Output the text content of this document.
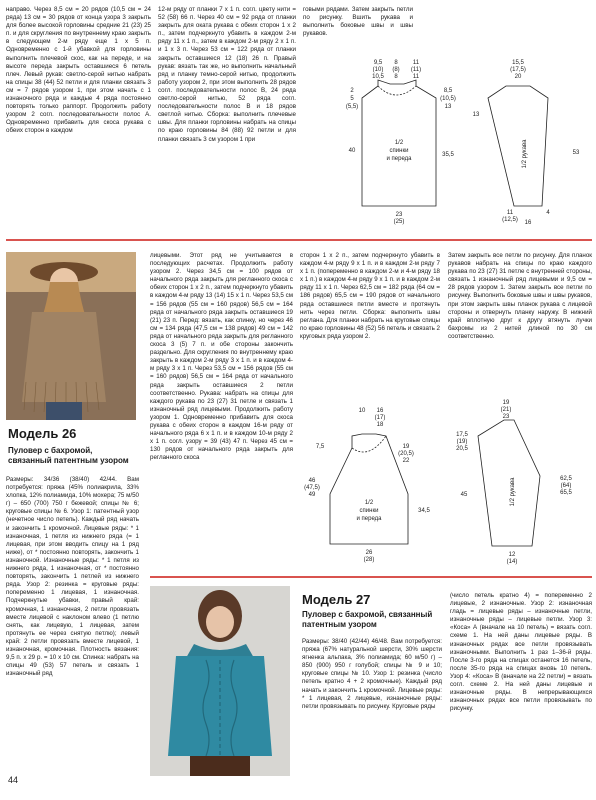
направо. Через 8,5 см = 20 рядов (10,5 см = 24 ряда) 13 см = 30 рядов от конца узора 3 закрыть для более высокой горловины средние 21 (23) 25 п. и для скругления по внутреннему краю закрыть в следующем 2-м ряду еще 1 х 5 п. Одновременно с 1-й убавкой для горловины выполнить плечевой скос, как на переде, и на высоте переда закрыть оставшиеся 6 петель плеч. Левый рукав: светло-серой нитью набрать на спицы 38 (44) 52 петли и для планки связать 3 см = 7 рядов узором 1, при этом начать с 1 изнаночного ряда и каждые 4 ряда постоянно повторять только раппорт. Продолжить работу узором 2 согл. последовательности полос А. Одновременно прибавить для скоса рукава с обеих сторон в каждом

12-м ряду от планки 7 х 1 п. согл. цвету нити = 52 (58) 66 п. Через 40 см = 92 ряда от планки закрыть для оката рукава с обеих сторон 1 х 2 п., затем подчеркнуто убавить в каждом 2-м ряду 11 х 1 п., затем в каждом 2-м ряду 2 х 1 п. и 1 х 3 п. Через 53 см = 122 ряда от планки закрыть оставшиеся 12 (18) 26 п. Правый рукав: вязать так же, но выполнить начальный ряд и планку темно-серой нитью, продолжить работу узором 2, при этом выполнить 28 рядов согл. последовательности полос В, 24 ряда светло-серой нитью, 52 ряда согл. последовательности полос В и 18 рядов светлой нитью. Сборка: выполнить плечевые швы. Для планки горловины набрать на спицы по краю горловины 84 (88) 92 петли и для планки связать 3 см узором 1 при

говыми рядами. Затем закрыть петли по рисунку. Вшить рукава и выполнить боковые швы и швы рукавов.

9,5
(10)
10,5
8
(8)
8
11
(11)
11
2
5
(5,5)
8,5
(10,5)
13
40
35,5
1/2
спинки
и переда
23
(25)
15,5
(17,5)
20
13
53
1/2 рукава
11
(12,5) 16
4
Модель 26
Пуловер с бахромой, связанный патентным узором

Размеры: 34/36 (38/40) 42/44. Вам потребуется: пряжа (45% полиакрила, 33% хлопка, 12% полиамида, 10% мохера; 75 м/50 г) – 650 (700) 750 г бежевой; спицы № 6; круговые спицы № 6. Узор 1: патентный узор (нечетное число петель). Каждый ряд начать и закончить 1 кромочной. Лицевые ряды: * 1 изнаночная, 1 петля из нижнего ряда (= 1 лицевая, при этом вводить спицу на 1 ряд ниже), от * постоянно повторять, закончить 1 изнаночной. Изнаночные ряды: * 1 петля из нижнего ряда, 1 изнаночная, от * постоянно повторять, закончить 1 петлей из нижнего ряда. Узор 2: резинка = круговые ряды: попеременно 1 лицевая, 1 изнаночная. Подчеркнутые убавки, правый край: кромочная, 1 изнаночная, 2 петли провязать вместе лицевой с наклоном влево (1 петлю снять, как лицевую, 1 лицевая, затем протянуть ее через снятую петлю); левый край: 2 петли провязать вместе лицевой, 1 изнаночная, кромочная. Плотность вязания: 9,5 п. х 29 р. = 10 х 10 см. Спинка: набрать на спицы 49 (53) 57 петель и связать 1 изнаночный ряд

лицевыми. Этот ряд не учитывается в последующих расчетах. Продолжить работу узором 2. Через 34,5 см = 100 рядов от начального ряда закрыть для регланного скоса с обеих сторон 1 х 2 п., затем подчеркнуто убавить в каждом 4-м ряду 13 (14) 15 х 1 п. Через 53,5 см = 156 рядов (55 см = 160 рядов) 56,5 см = 164 ряда от начального ряда закрыть оставшиеся 19 (21) 23 п. Перед: вязать, как спинку, но через 46 см = 134 ряда (47,5 см = 138 рядов) 49 см = 142 ряда от начального ряда закрыть для регланного скоса 3 (5) 7 п. и обе стороны закончить раздельно. Для скругления по внутреннему краю закрыть в каждом 2-м ряду 3 х 1 п. и в каждом 4-м ряду 3 х 1 п. Через 53,5 см = 156 рядов (55 см = 160 рядов) 56,5 см = 164 ряда от начального ряда закрыть оставшиеся 2 петли соответственно. Рукава: набрать на спицы для каждого рукава по 23 (27) 31 петле и связать 1 изнаночный ряд лицевыми. Продолжить работу узором 1. Одновременно прибавить для скоса рукава с обеих сторон в каждом 16-м ряду от начального ряда 6 х 1 п. и в каждом 10-м ряду 2 х 1 п. согл. узору = 39 (43) 47 п. Через 45 см = 130 рядов от начального ряда закрыть для регланного скоса

сторон 1 х 2 п., затем подчеркнуто убавить в каждом 4-м ряду 9 х 1 п. и в каждом 2-м ряду 7 х 1 п. (попеременно в каждом 2-м и 4-м ряду 18 х 1 п.) в каждом 4-м ряду 9 х 1 п. и в каждом 2-м ряду 11 х 1 п. Через 62,5 см = 182 ряда (64 см = 186 рядов) 65,5 см = 190 рядов от начального ряда оставшиеся петли вместе и протянуть нить через петли. Сборка: выполнить швы реглана. Для планки набрать на круговые спицы по краю горловины 48 (52) 56 петель и связать 2 круговых ряда узором 2.

Затем закрыть все петли по рисунку. Для планок рукавов набрать на спицы по краю каждого рукава по 23 (27) 31 петле с внутренней стороны, связать 1 изнаночный ряд лицевыми и 9,5 см = 28 рядов узором 1. Затем закрыть все петли по рисунку. Выполнить боковые швы и швы рукавов, при этом закрыть швы планок рукава с лицевой стороны и отвернуть планку наружу. В нижний край вплотную друг к другу втянуть лучки бахромы из 2 нитей длиной по 30 см соответственно.

10 16
(17)
18
7,5
46
(47,5)
49
19
(20,5)
22
34,5
1/2
спинки
и переда
26
(28)
19
(21)
23
17,5
(19)
20,5
62,5
(64)
65,5
45	1/2 рукава
12
(14)
Модель 27
Пуловер с бахромой, связанный патентным узором

Размеры: 38/40 (42/44) 46/48. Вам потребуется: пряжа (67% натуральной шерсти, 30% шерсти ягненка альпака, 3% полиамида; 60 м/50 г) – 850 (900) 950 г голубой; спицы № 9 и 10; круговые спицы № 10. Узор 1: резинка (число петель кратно 4 + 2 кромочные). Каждый ряд начать и закончить 1 кромочной. Лицевые ряды: * 1 лицевая, 2 лицевые, изнаночные ряды: петли провязывать по рисунку. Круговые ряды

(число петель кратно 4) = попеременно 2 лицевые, 2 изнаночные. Узор 2: изнаночная гладь = лицевые ряды – изнаночные петли, изнаночные ряды – лицевые петли. Узор 3: «Коса» А (вначале на 10 петель) = вязать согл. схеме 1. На ней даны лицевые ряды. В изнаночных рядах все петли провязывать изнаночными. Выполнить 1 раз 1–36-й ряды. После 3-го ряда на спицах останется 16 петель, после 35-го ряда на спицах вновь 10 петель. Узор 4: «Коса» В (вначале на 22 петли) = вязать согл. схеме 2. На ней даны лицевые и изнаночные ряды. В непрерывающихся изнаночных рядах все петли провязывать по рисунку.

44
